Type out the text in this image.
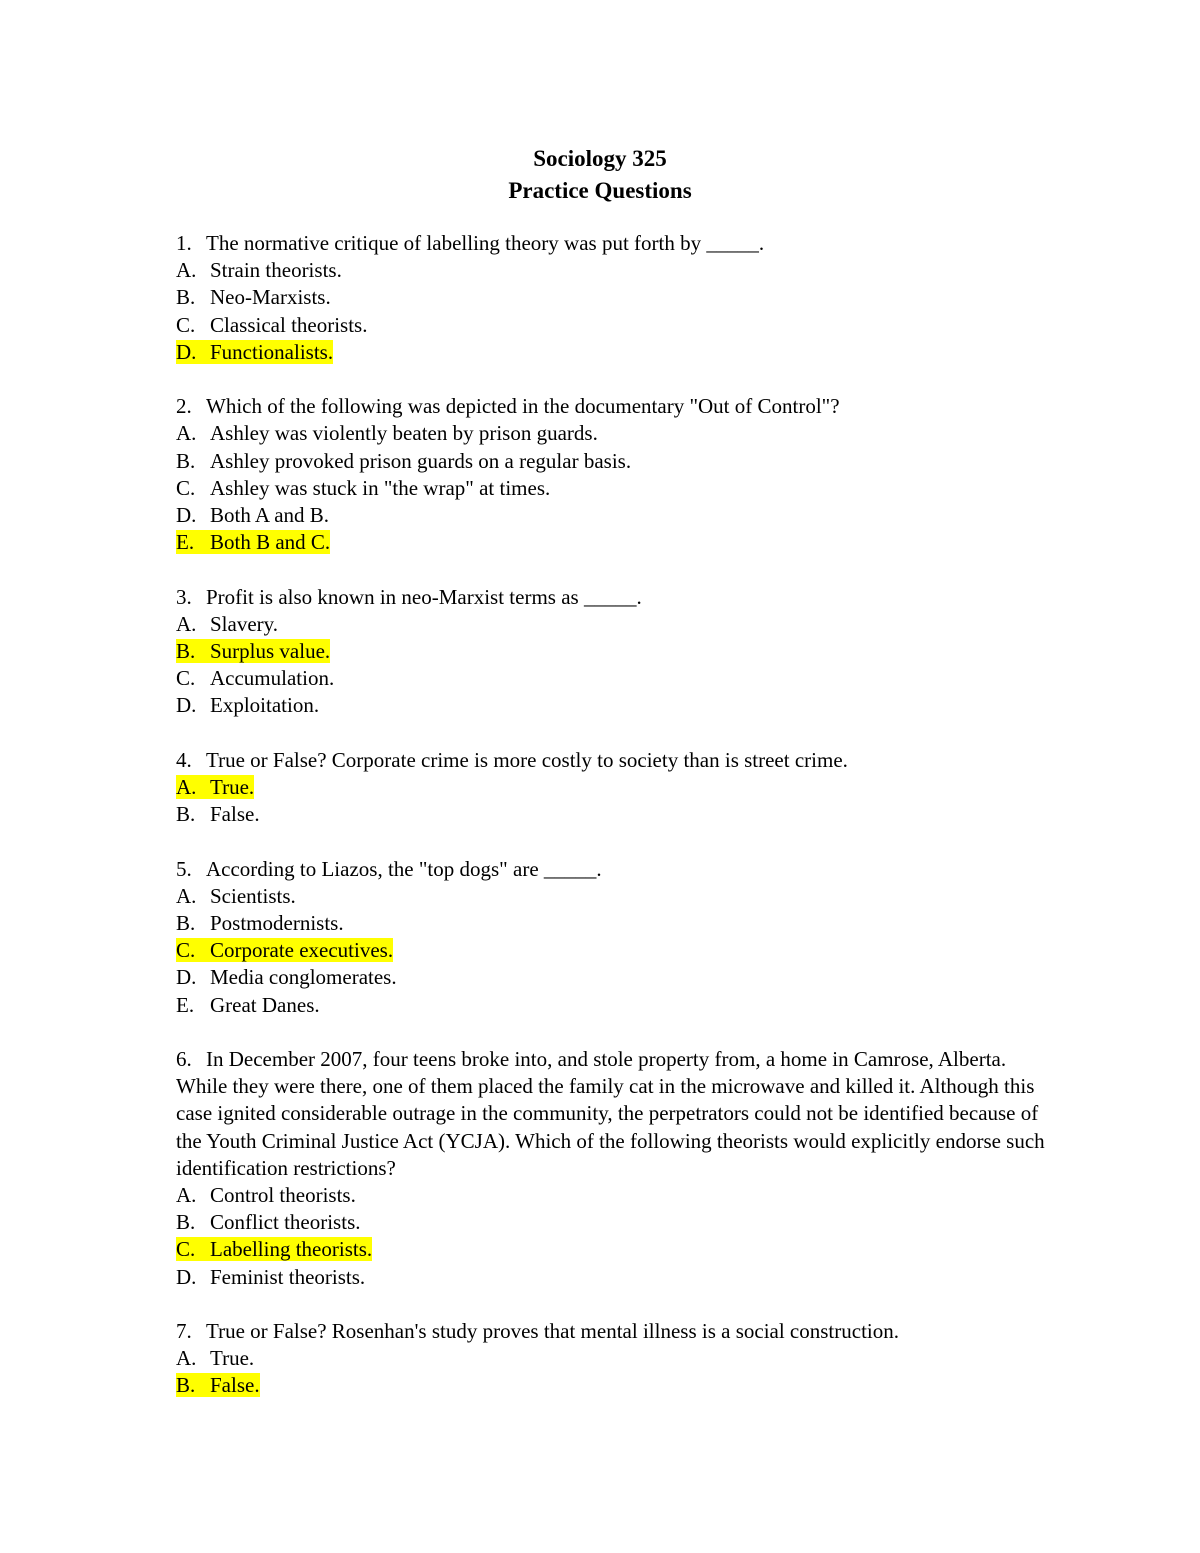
Sociology 325
Practice Questions
1. The normative critique of labelling theory was put forth by _____.
A. Strain theorists.
B. Neo-Marxists.
C. Classical theorists.
D. Functionalists.
2. Which of the following was depicted in the documentary "Out of Control"?
A. Ashley was violently beaten by prison guards.
B. Ashley provoked prison guards on a regular basis.
C. Ashley was stuck in "the wrap" at times.
D. Both A and B.
E. Both B and C.
3. Profit is also known in neo-Marxist terms as _____.
A. Slavery.
B. Surplus value.
C. Accumulation.
D. Exploitation.
4. True or False? Corporate crime is more costly to society than is street crime.
A. True.
B. False.
5. According to Liazos, the "top dogs" are _____.
A. Scientists.
B. Postmodernists.
C. Corporate executives.
D. Media conglomerates.
E. Great Danes.
6. In December 2007, four teens broke into, and stole property from, a home in Camrose, Alberta. While they were there, one of them placed the family cat in the microwave and killed it. Although this case ignited considerable outrage in the community, the perpetrators could not be identified because of the Youth Criminal Justice Act (YCJA). Which of the following theorists would explicitly endorse such identification restrictions?
A. Control theorists.
B. Conflict theorists.
C. Labelling theorists.
D. Feminist theorists.
7. True or False? Rosenhan's study proves that mental illness is a social construction.
A. True.
B. False.
